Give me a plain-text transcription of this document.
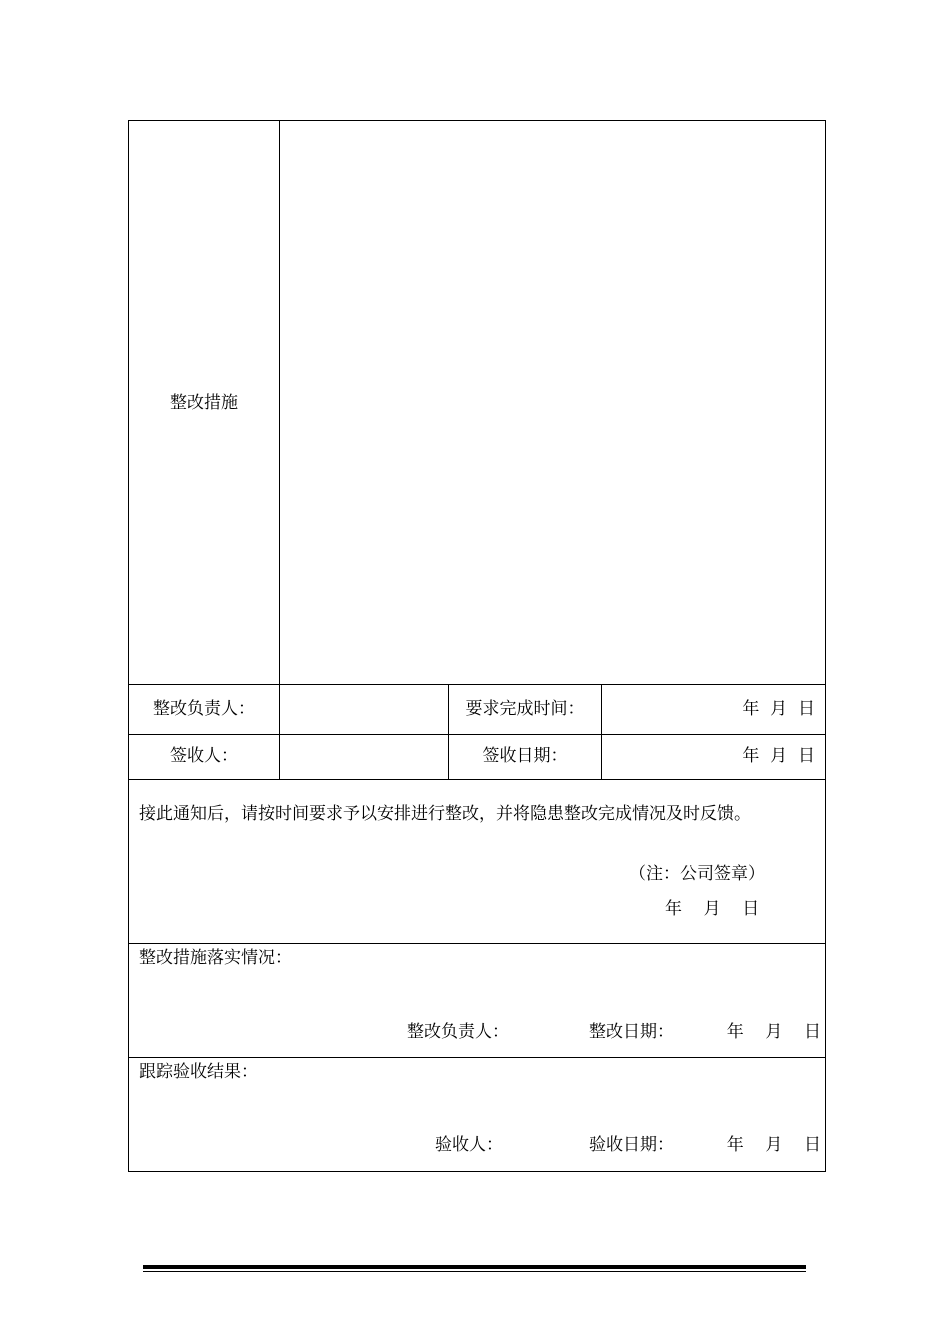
整改措施
整改负责人：	要求完成时间：	年  月  日
签收人：	签收日期：	年  月  日
接此通知后，请按时间要求予以安排进行整改，并将隐患整改完成情况及时反馈。
（注：公司签章）
年    月    日
整改措施落实情况：
整改负责人：	整改日期：	年    月    日
跟踪验收结果：
验收人：	验收日期：	年    月    日
